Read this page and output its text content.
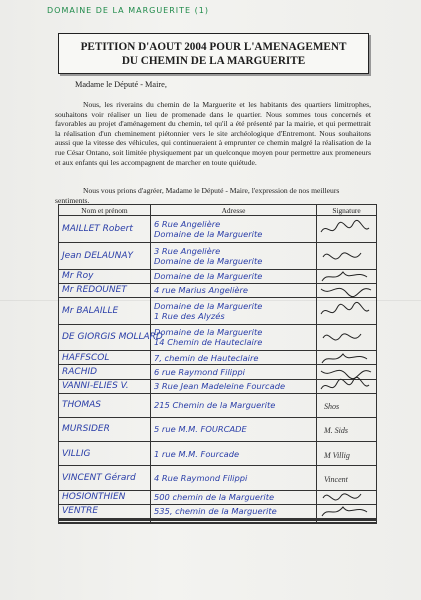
DOMAINE DE LA MARGUERITE (1)
PETITION D'AOUT 2004 POUR L'AMENAGEMENT
DU CHEMIN DE LA MARGUERITE
Madame le Député - Maire,
Nous, les riverains du chemin de la Marguerite et les habitants des quartiers limitrophes, souhaitons voir réaliser un lieu de promenade dans le quartier. Nous sommes tous concernés et favorables au projet d'aménagement du chemin, tel qu'il a été présenté par la mairie, et qui permettrait la réalisation d'un cheminement piétonnier vers le site archéologique d'Entremont. Nous souhaitons aussi que la vitesse des véhicules, qui continueraient à emprunter ce chemin malgré la réalisation de la rue César Ontano, soit limitée physiquement par un quelconque moyen pour permettre aux promeneurs et aux enfants qui les accompagnent de marcher en toute quiétude.
Nous vous prions d'agréer, Madame le Député - Maire, l'expression de nos meilleurs sentiments.
Nom et prénom	Adresse	Signature
MAILLET Robert	6 Rue Angelière
Domaine de la Marguerite

Jean DELAUNAY	3 Rue Angelière
Domaine de la Marguerite

Mr Roy	Domaine de la Marguerite

Mr REDOUNET	4 rue Marius Angelière

Mr BALAILLE	Domaine de la Marguerite
1 Rue des Alyzés

DE GIORGIS MOLLARD	Domaine de la Marguerite
14 Chemin de Hauteclaire

HAFFSCOL	7, chemin de Hauteclaire

RACHID	6 rue Raymond Filippi

VANNI-ELIES V.	3 Rue Jean Madeleine Fourcade

THOMAS	215 Chemin de la Marguerite	Shos
MURSIDER	5 rue M.M. FOURCADE	M. Sids
VILLIG	1 rue M.M. Fourcade	M Villig
VINCENT Gérard	4 Rue Raymond Filippi	Vincent
HOSIONTHIEN	500 chemin de la Marguerite

VENTRE	535, chemin de la Marguerite
